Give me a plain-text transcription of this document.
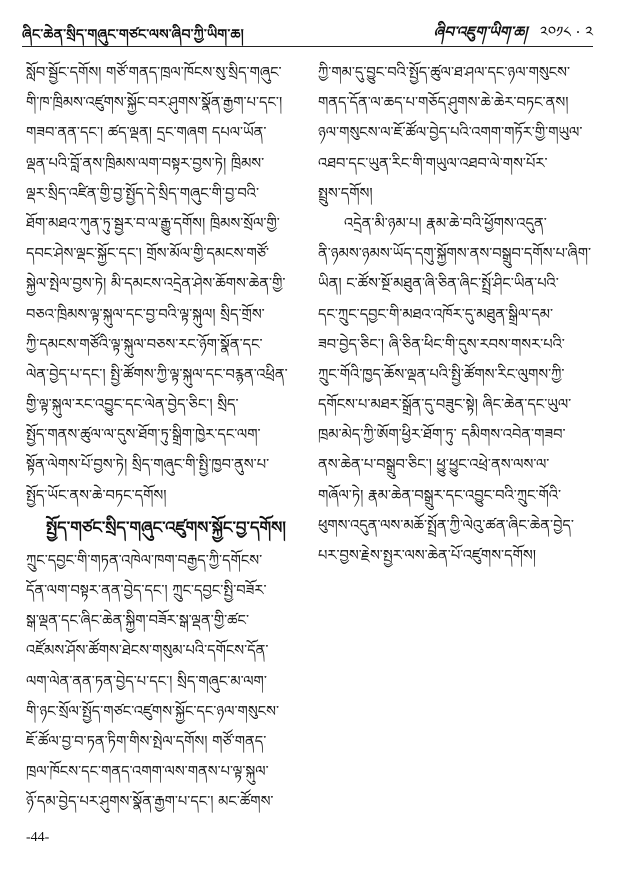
ཞིང་ཆེན་སྲིད་གཞུང་གཙང་ལས་ཞིབ་ཀྱི་ཡིག་ཆ།	ཞིབ་འཇུག་ཡིག་ཆ། ༢༠༡༨ · ༢
སློབ་སྦྱོང་དགོས། གཙོ་གནད་ཁྲལ་ཁོངས་སུ་སྲིད་གཞུང་
གི་ཁ་ཁྲིམས་འཛུགས་སྐྱོང་བར་ཤུགས་སྣོན་རྒྱག་པ་དང་།
གཟབ་ནན་དང་། ཚད་ལྡན། དྲང་གཞག དཔལ་ཡོན་
ལྡན་པའི་བློ་ནས་ཁྲིམས་ལག་བསྟར་བྱས་ཏེ། ཁྲིམས་
ལྡར་སྲིད་འཛིན་གྱི་བྱ་སྤྱོད་དེ་སྲིད་གཞུང་གི་བྱ་བའི་
ཐོག་མཐའ་ཀུན་ཏུ་སྦྱར་བ་ལ་རྒྱུ་དགོས། ཁྲིམས་སྲོལ་གྱི་
དབང་ཤེས་ལྡང་སྐྱོང་དང་། གྲོས་མོལ་གྱི་དམངས་གཙོ་
སྐྱེལ་སྤེལ་བྱས་ཏེ། མི་དམངས་འདྲེན་ཤེས་ཆོགས་ཆེན་གྱི་
བཅའ་ཁྲིམས་ལྟ་སྐུལ་དང་བྱ་བའི་ལྟ་སྐུལ། སྲིད་གྲོས་
ཀྱི་དམངས་གཙོའི་ལྟ་སྐུལ་བཅས་རང་ཉོག་སྣོན་དང་
ལེན་བྱེད་པ་དང་། སྤྱི་ཚོགས་ཀྱི་ལྟ་སྐུལ་དང་བརྙན་འཕྲིན་
གྱི་ལྟ་སྐུལ་རང་འབྱུང་དང་ལེན་བྱེད་ཅིང་། སྲིད་
སྤྱོད་གནས་ཚུལ་ལ་དུས་ཐོག་ཏུ་སྒྲིག་ཁྱེར་དང་ལག་
སྟོན་ལེགས་པོ་བྱས་ཏེ། སྲིད་གཞུང་གི་སྤྱི་ཁྱབ་ནུས་པ་
སྤྱོད་ཡོང་ནས་ཆེ་བཏང་དགོས།
སྤྱོད་གཙང་སྲིད་གཞུང་འཛུགས་སྐྱོང་བྱ་དགོས།
ཀྲུང་དབྱང་གི་གཏན་འཁེལ་ཁག་བརྒྱད་ཀྱི་དགོངས་
དོན་ལག་བསྟར་ནན་བྱེད་དང་། ཀྲུང་དབྱང་སྤྱི་བཟོར་
སྒ་ལྡན་དང་ཞིང་ཆེན་སྐྱིག་བཟོར་སྒ་ལྡན་གྱི་ཚང་
འཛོམས་ཤོས་ཚོགས་ཐེངས་གསུམ་པའི་དགོངས་དོན་
ལག་ལེན་ནན་ཏན་བྱེད་པ་དང་། སྲིད་གཞུང་མ་ལག་
གི་ཉང་སྲོལ་སྤྱོད་གཙང་འཛུགས་སྐྱོང་དང་ཉལ་གསུངས་
ཇོ་ཚོལ་བྱ་བ་ཏན་ཏིག་གིས་སྤེལ་དགོས། གཙོ་གནད་
ཁྲལ་ཁོངས་དང་གནད་འགག་ལས་གནས་པ་ལྟ་སྐུལ་
ཉོ་དམ་བྱེད་པར་ཤུགས་སྣོན་རྒྱག་པ་དང་། མང་ཚོགས་
ཀྱི་གམ་དུ་བྱུང་བའི་སྤྱོད་ཚུལ་ཐ་ཤལ་དང་ཉལ་གསུངས་
གནད་དོན་ལ་ཆད་པ་གཅོད་ཤུགས་ཆེ་ཆེར་བཏང་ནས།
ཉལ་གསུངས་ལ་ཇོ་ཚོལ་བྱེད་པའི་འགག་གཏོར་གྱི་གཡུལ་
འཐབ་དང་ཡུན་རིང་གི་གཡུལ་འཐབ་ལེ་གས་པོར་
སྤྲུས་དགོས།
འདྲེན་མི་ཉམ་པ། རྣམ་ཆེ་བའི་ཕྱོགས་འདུན་
ནི་ཉམས་ཉམས་ཡོད་དགུ་སྐྱོགས་ནས་བསྒྲུབ་དགོས་པ་ཞིག་
ཡིན། ང་ཚོས་སྔོ་མཐུན་ཞི་ཅིན་ཞིང་སྤྲོ་ཤིང་ཡིན་པའི་
དང་ཀྲུང་དབྱང་གི་མཐའ་འཁོར་དུ་མཐུན་སྒྲིལ་དམ་
ཟབ་བྱེད་ཅིང་། ཞི་ཅིན་ཕིང་གི་དུས་རབས་གསར་པའི་
ཀྲུང་གོའི་ཁྱད་ཆོས་ལྡན་པའི་སྤྱི་ཚོགས་རིང་ལུགས་ཀྱི་
དགོངས་པ་མཐར་སྒྲོན་དུ་བཟུང་སྟེ། ཞིང་ཆེན་དང་ཡུལ་
ཁྲམ་མེད་ཀྱི་ཨོག་ཕྱིར་ཐོག་ཏུ་ དམིགས་འབེན་གཟབ་
ནས་ཆེན་པ་བསྒྲུབ་ཅིང་། ཕྱུ་ཕྱུང་འཕྲེ་ནས་ལས་ལ་
གཞོལ་ཏེ། རྣམ་ཆེན་བསྒྲུར་དང་འབྱུང་བའི་ཀྲུང་གོའི་
ཕུགས་འདུན་ལས་མཆོ་སྤྲོན་ཀྱི་ལེའུ་ཚན་ཞིང་ཆེན་བྱེད་
པར་བྱས་རྗེས་སྤྱར་ལས་ཆེན་པོ་འཛུགས་དགོས།
-44-
